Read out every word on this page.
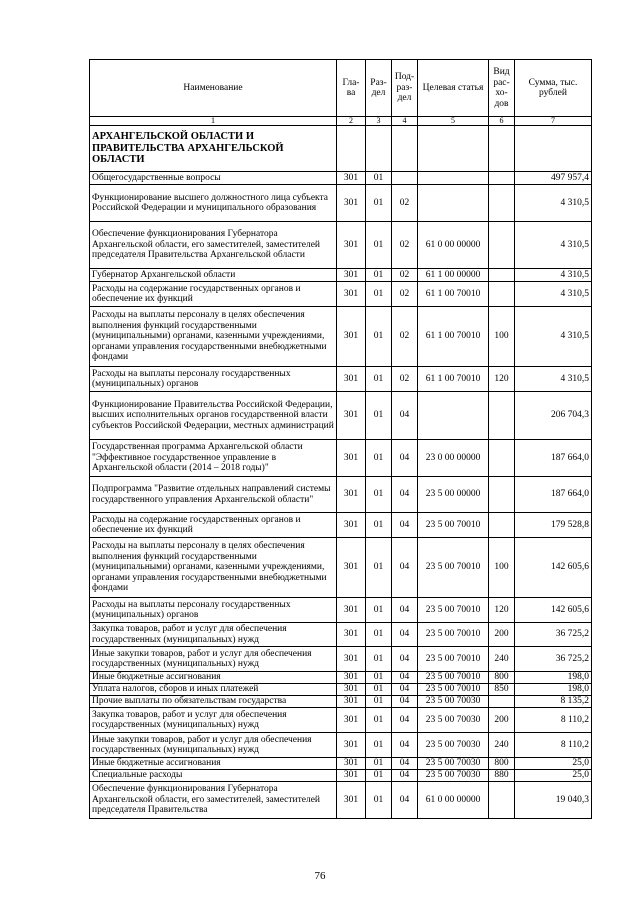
Наименование	Гла-ва	Раз-дел	Под-раз-дел	Целевая статья	Вид рас-хо-дов	Сумма, тыс. рублей
1	2	3	4	5	6	7
АРХАНГЕЛЬСКОЙ ОБЛАСТИ И ПРАВИТЕЛЬСТВА АРХАНГЕЛЬСКОЙ ОБЛАСТИ						
Общегосударственные вопросы	301	01				497 957,4
Функционирование высшего должностного лица субъекта Российской Федерации и муниципального образования	301	01	02			4 310,5
Обеспечение функционирования Губернатора Архангельской области, его заместителей, заместителей председателя Правительства Архангельской области	301	01	02	61 0 00 00000		4 310,5
Губернатор Архангельской области	301	01	02	61 1 00 00000		4 310,5
Расходы на содержание государственных органов и обеспечение их функций	301	01	02	61 1 00 70010		4 310,5
Расходы на выплаты персоналу в целях обеспечения выполнения функций государственными (муниципальными) органами, казенными учреждениями, органами управления государственными внебюджетными фондами	301	01	02	61 1 00 70010	100	4 310,5
Расходы на выплаты персоналу государственных (муниципальных) органов	301	01	02	61 1 00 70010	120	4 310,5
Функционирование Правительства Российской Федерации, высших исполнительных органов государственной власти субъектов Российской Федерации, местных администраций	301	01	04			206 704,3
Государственная программа Архангельской области "Эффективное государственное управление в Архангельской области (2014 – 2018 годы)"	301	01	04	23 0 00 00000		187 664,0
Подпрограмма "Развитие отдельных направлений системы государственного управления Архангельской области"	301	01	04	23 5 00 00000		187 664,0
Расходы на содержание государственных органов и обеспечение их функций	301	01	04	23 5 00 70010		179 528,8
Расходы на выплаты персоналу в целях обеспечения выполнения функций государственными (муниципальными) органами, казенными учреждениями, органами управления государственными внебюджетными фондами	301	01	04	23 5 00 70010	100	142 605,6
Расходы на выплаты персоналу государственных (муниципальных) органов	301	01	04	23 5 00 70010	120	142 605,6
Закупка товаров, работ и услуг для обеспечения государственных (муниципальных) нужд	301	01	04	23 5 00 70010	200	36 725,2
Иные закупки товаров, работ и услуг для обеспечения государственных (муниципальных) нужд	301	01	04	23 5 00 70010	240	36 725,2
Иные бюджетные ассигнования	301	01	04	23 5 00 70010	800	198,0
Уплата налогов, сборов и иных платежей	301	01	04	23 5 00 70010	850	198,0
Прочие выплаты по обязательствам государства	301	01	04	23 5 00 70030		8 135,2
Закупка товаров, работ и услуг для обеспечения государственных (муниципальных) нужд	301	01	04	23 5 00 70030	200	8 110,2
Иные закупки товаров, работ и услуг для обеспечения государственных (муниципальных) нужд	301	01	04	23 5 00 70030	240	8 110,2
Иные бюджетные ассигнования	301	01	04	23 5 00 70030	800	25,0
Специальные расходы	301	01	04	23 5 00 70030	880	25,0
Обеспечение функционирования Губернатора Архангельской области, его заместителей, заместителей председателя Правительства	301	01	04	61 0 00 00000		19 040,3
76
